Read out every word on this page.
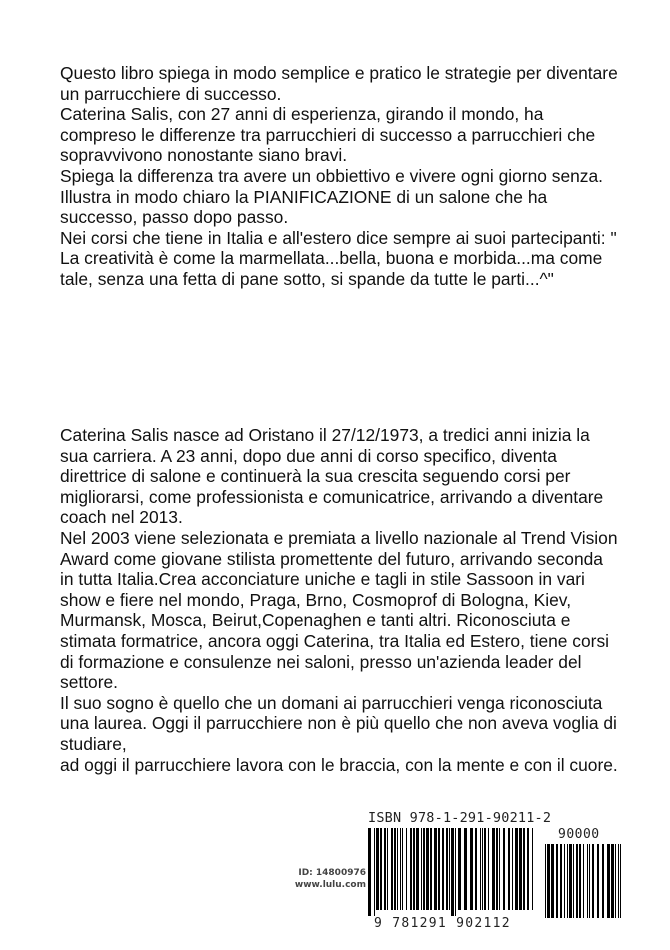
Questo libro spiega in modo semplice e pratico le strategie per diventare un parrucchiere di successo.

Caterina Salis, con 27 anni di esperienza, girando il mondo, ha compreso le differenze tra parrucchieri di successo a parrucchieri che sopravvivono nonostante siano bravi.

Spiega la differenza tra avere un obbiettivo e vivere ogni giorno senza.

Illustra in modo chiaro la PIANIFICAZIONE di un salone che ha successo, passo dopo passo.

Nei corsi che tiene in Italia e all'estero dice sempre ai suoi partecipanti: " La creatività è come la marmellata...bella, buona e morbida...ma come tale, senza una fetta di pane sotto, si spande da tutte le parti...^"

Caterina Salis nasce ad Oristano il 27/12/1973, a tredici anni inizia la sua carriera. A 23 anni, dopo due anni di corso specifico, diventa direttrice di salone e continuerà la sua crescita seguendo corsi per migliorarsi, come professionista e comunicatrice, arrivando a diventare coach nel 2013.

Nel 2003 viene selezionata e premiata a livello nazionale al Trend Vision Award come giovane stilista promettente del futuro, arrivando seconda in tutta Italia.Crea acconciature uniche e tagli in stile Sassoon in vari show e fiere nel mondo, Praga, Brno, Cosmoprof di Bologna, Kiev, Murmansk, Mosca, Beirut,Copenaghen e tanti altri. Riconosciuta e stimata formatrice, ancora oggi Caterina, tra Italia ed Estero, tiene corsi di formazione e consulenze nei saloni, presso un'azienda leader del settore.

Il suo sogno è quello che un domani ai parrucchieri venga riconosciuta una laurea. Oggi il parrucchiere non è più quello che non aveva voglia di studiare,

ad oggi il parrucchiere lavora con le braccia, con la mente e con il cuore.

ID: 14800976
www.lulu.com
ISBN 978-1-291-90211-2
90000
9 781291 902112
